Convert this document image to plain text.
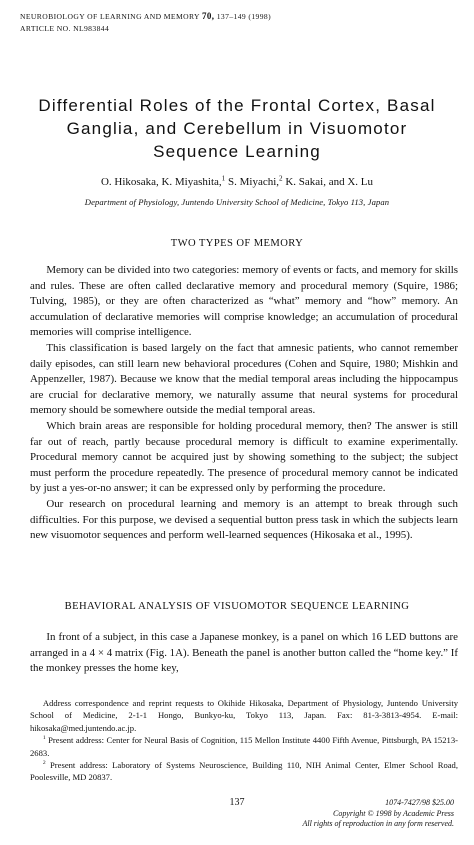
NEUROBIOLOGY OF LEARNING AND MEMORY 70, 137–149 (1998)
ARTICLE NO. NL983844
Differential Roles of the Frontal Cortex, Basal
Ganglia, and Cerebellum in Visuomotor
Sequence Learning
O. Hikosaka, K. Miyashita,$^1$ S. Miyachi,$^2$ K. Sakai, and X. Lu
Department of Physiology, Juntendo University School of Medicine, Tokyo 113, Japan
TWO TYPES OF MEMORY

Memory can be divided into two categories: memory of events or facts, and memory for skills and rules. These are often called declarative memory and procedural memory (Squire, 1986; Tulving, 1985), or they are often characterized as “what” memory and “how” memory. An accumulation of declarative memories will comprise knowledge; an accumulation of procedural memories will comprise intelligence.

This classification is based largely on the fact that amnesic patients, who cannot remember daily episodes, can still learn new behavioral procedures (Cohen and Squire, 1980; Mishkin and Appenzeller, 1987). Because we know that the medial temporal areas including the hippocampus are crucial for declarative memory, we naturally assume that neural systems for procedural memory should be somewhere outside the medial temporal areas.

Which brain areas are responsible for holding procedural memory, then? The answer is still far out of reach, partly because procedural memory is difficult to examine experimentally. Procedural memory cannot be acquired just by showing something to the subject; the subject must perform the procedure repeatedly. The presence of procedural memory cannot be indicated by just a yes-or-no answer; it can be expressed only by performing the procedure.

Our research on procedural learning and memory is an attempt to break through such difficulties. For this purpose, we devised a sequential button press task in which the subjects learn new visuomotor sequences and perform well-learned sequences (Hikosaka et al., 1995).

BEHAVIORAL ANALYSIS OF VISUOMOTOR SEQUENCE LEARNING

In front of a subject, in this case a Japanese monkey, is a panel on which 16 LED buttons are arranged in a 4 × 4 matrix (Fig. 1A). Beneath the panel is another button called the “home key.” If the monkey presses the home key,

Address correspondence and reprint requests to Okihide Hikosaka, Department of Physiology, Juntendo University School of Medicine, 2-1-1 Hongo, Bunkyo-ku, Tokyo 113, Japan. Fax: 81-3-3813-4954. E-mail: hikosaka@med.juntendo.ac.jp.

$^1$ Present address: Center for Neural Basis of Cognition, 115 Mellon Institute 4400 Fifth Avenue, Pittsburgh, PA 15213-2683.

$^2$ Present address: Laboratory of Systems Neuroscience, Building 110, NIH Animal Center, Elmer School Road, Poolesville, MD 20837.

137	1074-7427/98 $25.00
Copyright © 1998 by Academic Press
All rights of reproduction in any form reserved.
